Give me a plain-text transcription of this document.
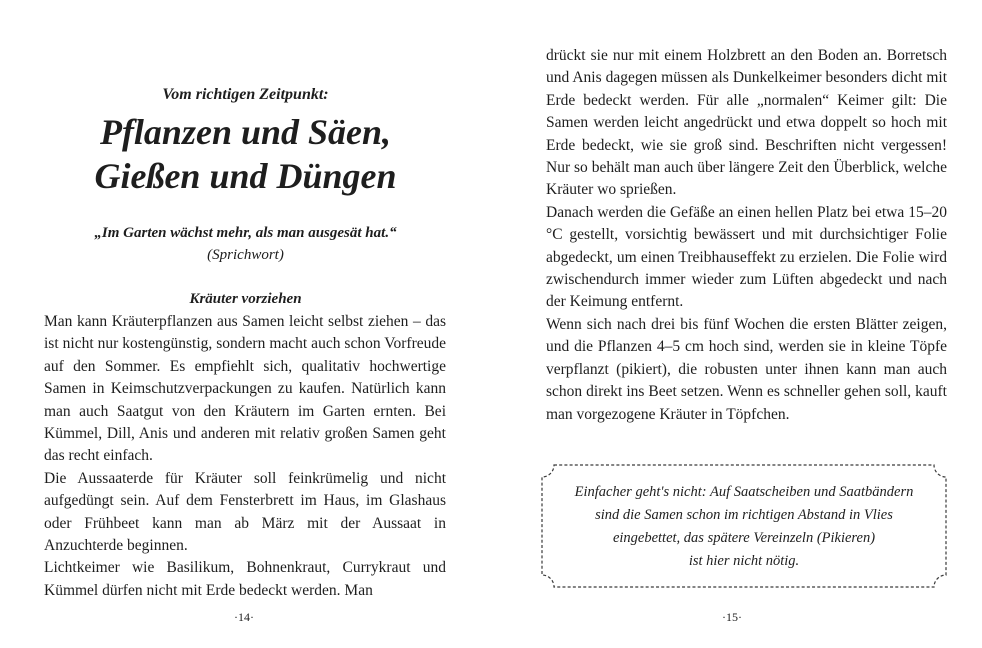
Vom richtigen Zeitpunkt:
Pflanzen und Säen,
Gießen und Düngen
„Im Garten wächst mehr, als man ausgesät hat.“
(Sprichwort)
Kräuter vorziehen

Man kann Kräuterpflanzen aus Samen leicht selbst ziehen – das ist nicht nur kostengünstig, sondern macht auch schon Vorfreude auf den Sommer. Es empfiehlt sich, qualitativ hochwertige Samen in Keimschutzverpackungen zu kaufen. Natürlich kann man auch Saatgut von den Kräutern im Garten ernten. Bei Kümmel, Dill, Anis und anderen mit relativ großen Samen geht das recht einfach.

Die Aussaaterde für Kräuter soll feinkrümelig und nicht aufgedüngt sein. Auf dem Fensterbrett im Haus, im Glashaus oder Frühbeet kann man ab März mit der Aussaat in Anzuchterde beginnen.

Lichtkeimer wie Basilikum, Bohnenkraut, Currykraut und Kümmel dürfen nicht mit Erde bedeckt werden. Man

·14·

drückt sie nur mit einem Holzbrett an den Boden an. Borretsch und Anis dagegen müssen als Dunkelkeimer besonders dicht mit Erde bedeckt werden. Für alle „normalen“ Keimer gilt: Die Samen werden leicht angedrückt und etwa doppelt so hoch mit Erde bedeckt, wie sie groß sind. Beschriften nicht vergessen! Nur so behält man auch über längere Zeit den Überblick, welche Kräuter wo sprießen.

Danach werden die Gefäße an einen hellen Platz bei etwa 15–20 °C gestellt, vorsichtig bewässert und mit durchsichtiger Folie abgedeckt, um einen Treibhauseffekt zu erzielen. Die Folie wird zwischendurch immer wieder zum Lüften abgedeckt und nach der Keimung entfernt.

Wenn sich nach drei bis fünf Wochen die ersten Blätter zeigen, und die Pflanzen 4–5 cm hoch sind, werden sie in kleine Töpfe verpflanzt (pikiert), die robusten unter ihnen kann man auch schon direkt ins Beet setzen. Wenn es schneller gehen soll, kauft man vorgezogene Kräuter in Töpfchen.

Einfacher geht's nicht: Auf Saatscheiben und Saatbändern
sind die Samen schon im richtigen Abstand in Vlies
eingebettet, das spätere Vereinzeln (Pikieren)
ist hier nicht nötig.
·15·
